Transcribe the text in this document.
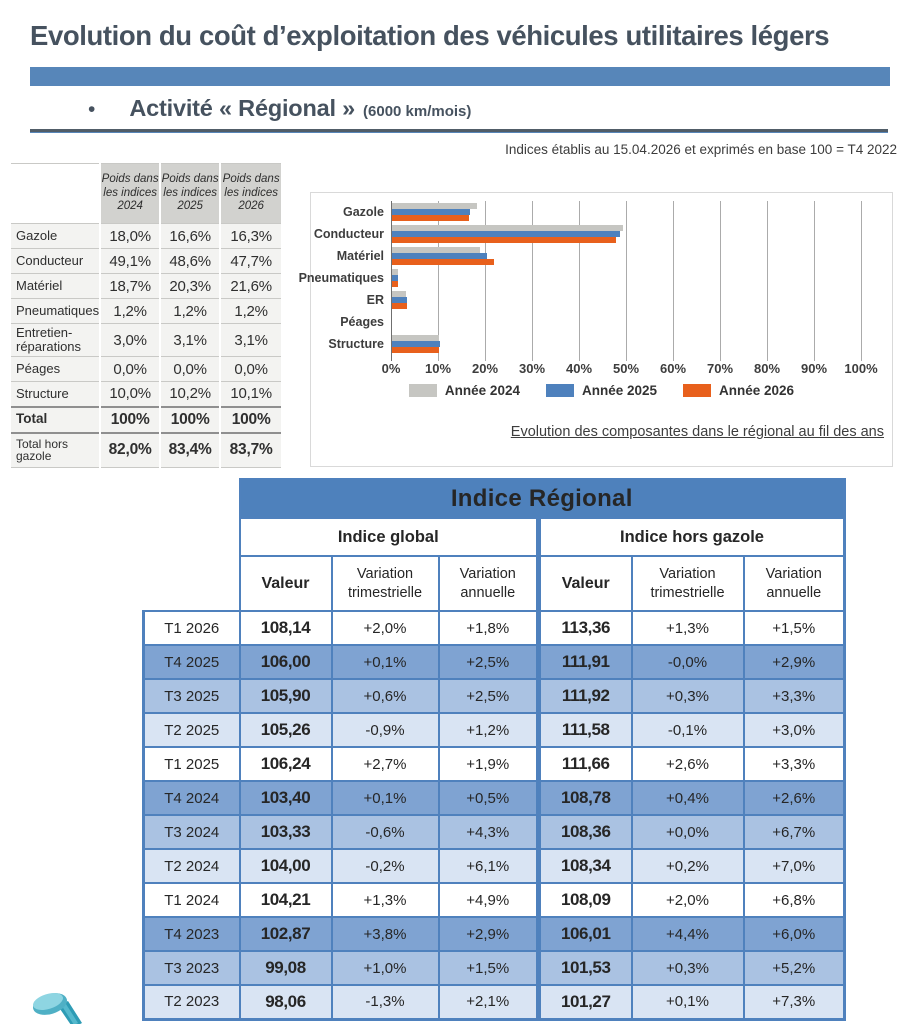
Evolution du coût d’exploitation des véhicules utilitaires légers
• Activité « Régional » (6000 km/mois)
Indices établis au 15.04.2026 et exprimés en base 100 = T4 2022
	Poids dans les indices 2024	Poids dans les indices 2025	Poids dans les indices 2026
Gazole	18,0%	16,6%	16,3%
Conducteur	49,1%	48,6%	47,7%
Matériel	18,7%	20,3%	21,6%
Pneumatiques	1,2%	1,2%	1,2%
Entretien-réparations	3,0%	3,1%	3,1%
Péages	0,0%	0,0%	0,0%
Structure	10,0%	10,2%	10,1%
Total	100%	100%	100%
Total hors gazole	82,0%	83,4%	83,7%
Evolution des composantes dans le régional au fil des ans
0%	10%	20%	30%	40%	50%	60%	70%	80%	90%	100%
Gazole
Conducteur
Matériel
Pneumatiques
ER
Péages
Structure
Année 2024	Année 2025	Année 2026
	Indice Régional					
	Indice global			Indice hors gazole		
	Valeur	Variation trimestrielle	Variation annuelle	Valeur	Variation trimestrielle	Variation annuelle
T1 2026	108,14	+2,0%	+1,8%	113,36	+1,3%	+1,5%
T4 2025	106,00	+0,1%	+2,5%	111,91	-0,0%	+2,9%
T3 2025	105,90	+0,6%	+2,5%	111,92	+0,3%	+3,3%
T2 2025	105,26	-0,9%	+1,2%	111,58	-0,1%	+3,0%
T1 2025	106,24	+2,7%	+1,9%	111,66	+2,6%	+3,3%
T4 2024	103,40	+0,1%	+0,5%	108,78	+0,4%	+2,6%
T3 2024	103,33	-0,6%	+4,3%	108,36	+0,0%	+6,7%
T2 2024	104,00	-0,2%	+6,1%	108,34	+0,2%	+7,0%
T1 2024	104,21	+1,3%	+4,9%	108,09	+2,0%	+6,8%
T4 2023	102,87	+3,8%	+2,9%	106,01	+4,4%	+6,0%
T3 2023	99,08	+1,0%	+1,5%	101,53	+0,3%	+5,2%
T2 2023	98,06	-1,3%	+2,1%	101,27	+0,1%	+7,3%
